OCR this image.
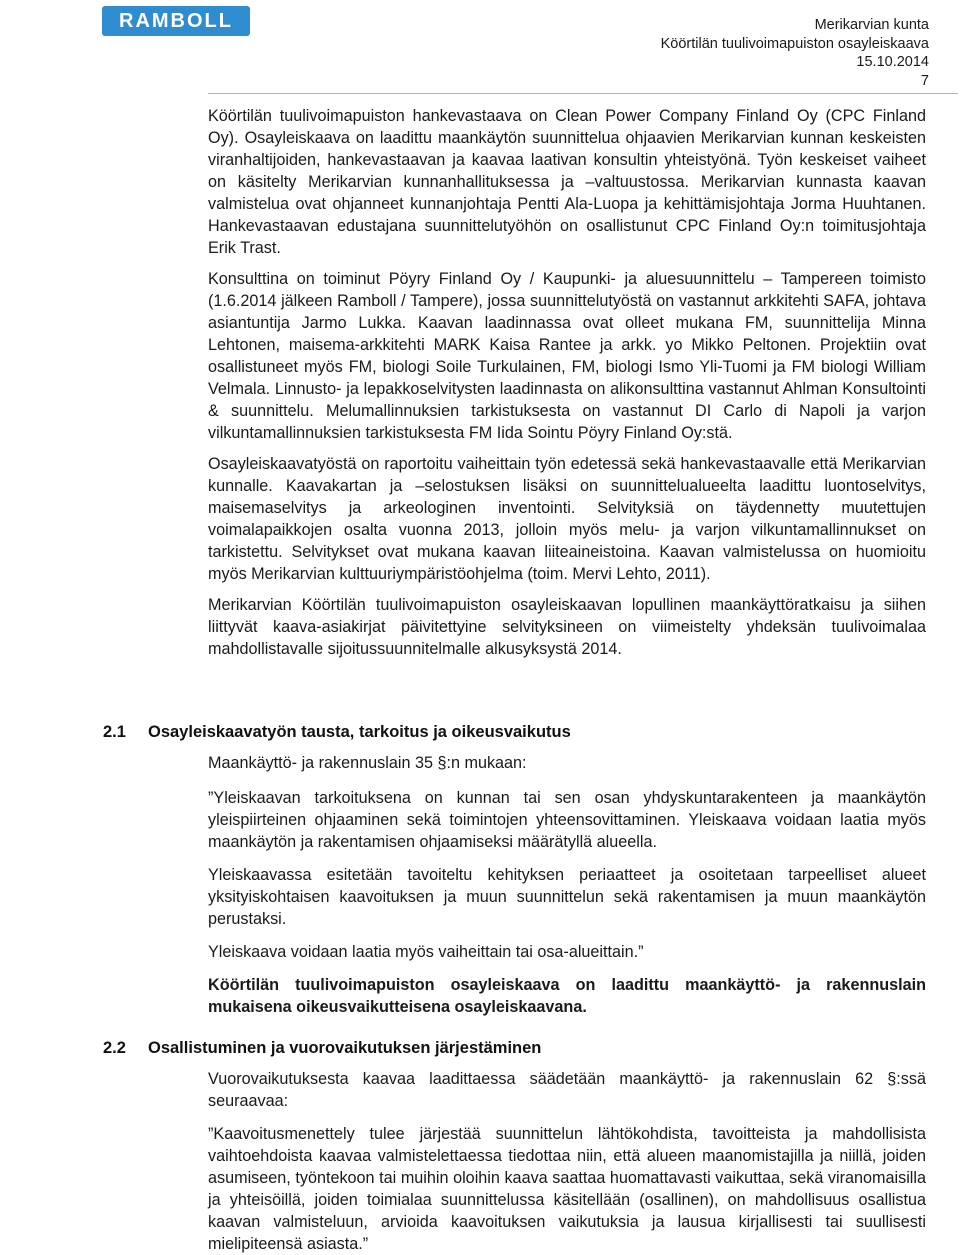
RAMBOLL	Merikarvian kunta
Köörtilän tuulivoimapuiston osayleiskaava
15.10.2014
7

Köörtilän tuulivoimapuiston hankevastaava on Clean Power Company Finland Oy (CPC Finland Oy). Osayleiskaava on laadittu maankäytön suunnittelua ohjaavien Merikarvian kunnan keskeisten viranhaltijoiden, hankevastaavan ja kaavaa laativan konsultin yhteistyönä. Työn keskeiset vaiheet on käsitelty Merikarvian kunnanhallituksessa ja –valtuustossa. Merikarvian kunnasta kaavan valmistelua ovat ohjanneet kunnanjohtaja Pentti Ala-Luopa ja kehittämisjohtaja Jorma Huuhtanen. Hankevastaavan edustajana suunnittelutyöhön on osallistunut CPC Finland Oy:n toimitusjohtaja Erik Trast.

Konsulttina on toiminut Pöyry Finland Oy / Kaupunki- ja aluesuunnittelu – Tampereen toimisto (1.6.2014 jälkeen Ramboll / Tampere), jossa suunnittelutyöstä on vastannut arkkitehti SAFA, johtava asiantuntija Jarmo Lukka. Kaavan laadinnassa ovat olleet mukana FM, suunnittelija Minna Lehtonen, maisema-arkkitehti MARK Kaisa Rantee ja arkk. yo Mikko Peltonen. Projektiin ovat osallistuneet myös FM, biologi Soile Turkulainen, FM, biologi Ismo Yli-Tuomi ja FM biologi William Velmala. Linnusto- ja lepakkoselvitysten laadinnasta on alikonsulttina vastannut Ahlman Konsultointi & suunnittelu. Melumallinnuksien tarkistuksesta on vastannut DI Carlo di Napoli ja varjon vilkuntamallinnuksien tarkistuksesta FM Iida Sointu Pöyry Finland Oy:stä.

Osayleiskaavatyöstä on raportoitu vaiheittain työn edetessä sekä hankevastaavalle että Merikarvian kunnalle. Kaavakartan ja –selostuksen lisäksi on suunnittelualueelta laadittu luontoselvitys, maisemaselvitys ja arkeologinen inventointi. Selvityksiä on täydennetty muutettujen voimalapaikkojen osalta vuonna 2013, jolloin myös melu- ja varjon vilkuntamallinnukset on tarkistettu. Selvitykset ovat mukana kaavan liiteaineistoina. Kaavan valmistelussa on huomioitu myös Merikarvian kulttuuriympäristöohjelma (toim. Mervi Lehto, 2011).

Merikarvian Köörtilän tuulivoimapuiston osayleiskaavan lopullinen maankäyttöratkaisu ja siihen liittyvät kaava-asiakirjat päivitettyine selvityksineen on viimeistelty yhdeksän tuulivoimalaa mahdollistavalle sijoitussuunnitelmalle alkusyksystä 2014.

2.1 Osayleiskaavatyön tausta, tarkoitus ja oikeusvaikutus

Maankäyttö- ja rakennuslain 35 §:n mukaan:

”Yleiskaavan tarkoituksena on kunnan tai sen osan yhdyskuntarakenteen ja maankäytön yleispiirteinen ohjaaminen sekä toimintojen yhteensovittaminen. Yleiskaava voidaan laatia myös maankäytön ja rakentamisen ohjaamiseksi määrätyllä alueella.

Yleiskaavassa esitetään tavoiteltu kehityksen periaatteet ja osoitetaan tarpeelliset alueet yksityiskohtaisen kaavoituksen ja muun suunnittelun sekä rakentamisen ja muun maankäytön perustaksi.

Yleiskaava voidaan laatia myös vaiheittain tai osa-alueittain.”

Köörtilän tuulivoimapuiston osayleiskaava on laadittu maankäyttö- ja rakennuslain mukaisena oikeusvaikutteisena osayleiskaavana.

2.2 Osallistuminen ja vuorovaikutuksen järjestäminen

Vuorovaikutuksesta kaavaa laadittaessa säädetään maankäyttö- ja rakennuslain 62 §:ssä seuraavaa:

”Kaavoitusmenettely tulee järjestää suunnittelun lähtökohdista, tavoitteista ja mahdollisista vaihtoehdoista kaavaa valmistelettaessa tiedottaa niin, että alueen maanomistajilla ja niillä, joiden asumiseen, työntekoon tai muihin oloihin kaava saattaa huomattavasti vaikuttaa, sekä viranomaisilla ja yhteisöillä, joiden toimialaa suunnittelussa käsitellään (osallinen), on mahdollisuus osallistua kaavan valmisteluun, arvioida kaavoituksen vaikutuksia ja lausua kirjallisesti tai suullisesti mielipiteensä asiasta.”
